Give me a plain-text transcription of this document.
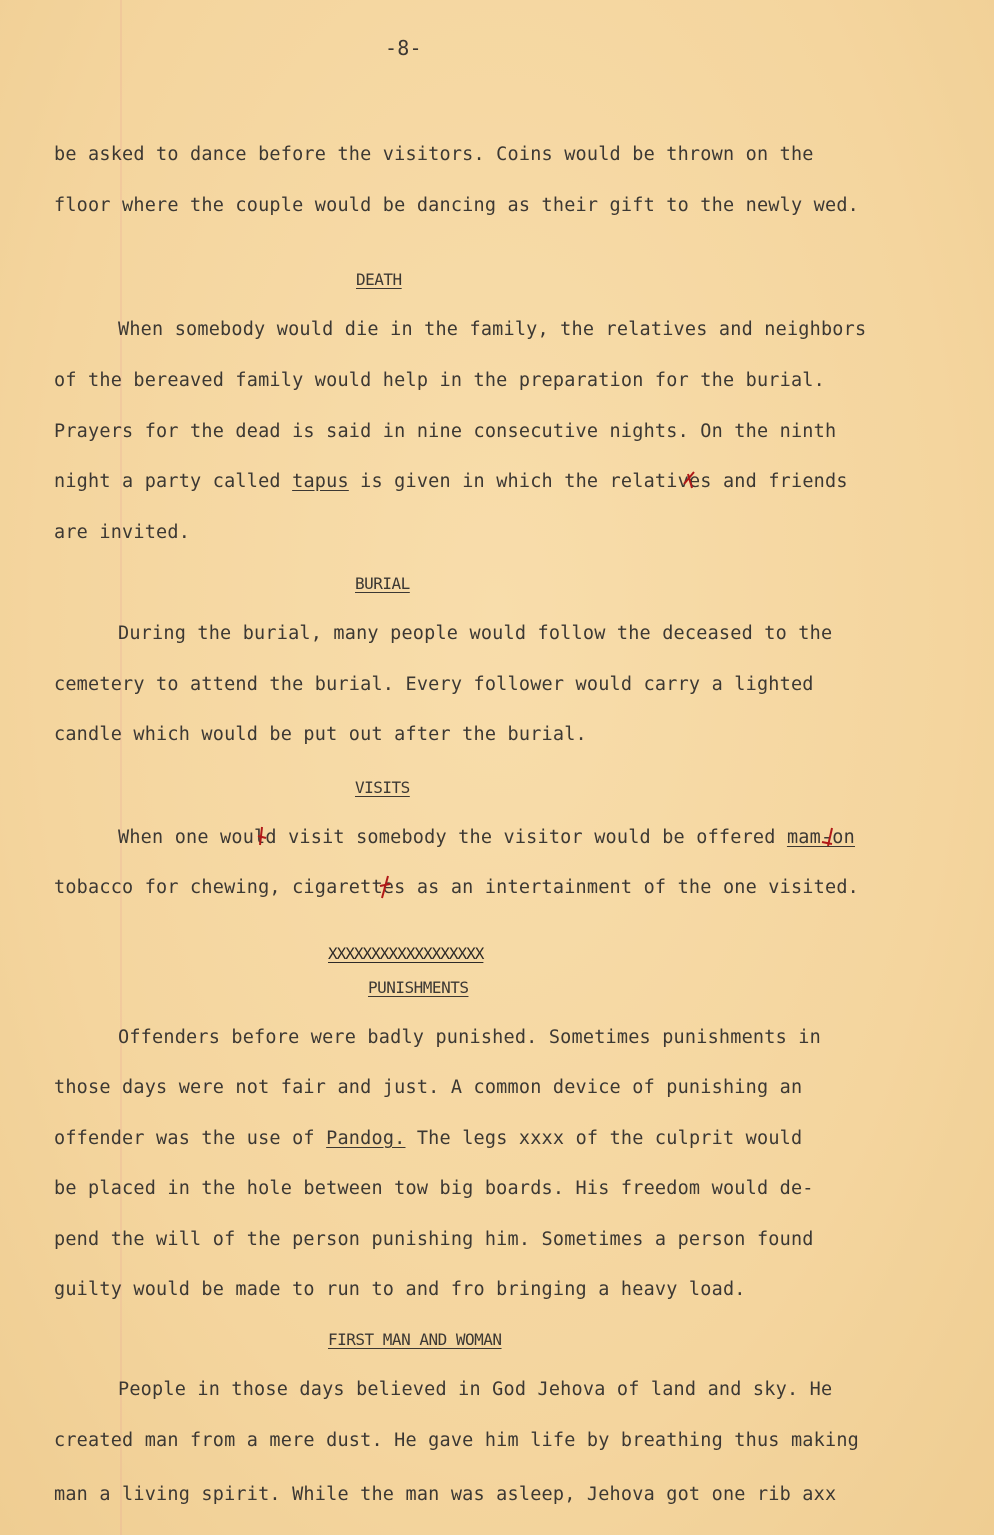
-8-

be asked to dance before the visitors. Coins would be thrown on the

floor where the couple would be dancing as their gift to the newly wed.

DEATH

When somebody would die in the family, the relatives and neighbors

of the bereaved family would help in the preparation for the burial.

Prayers for the dead is said in nine consecutive nights. On the ninth

night a party called tapus is given in which the relatives and friends

are invited.

BURIAL

During the burial, many people would follow the deceased to the

cemetery to attend the burial. Every follower would carry a lighted

candle which would be put out after the burial.

VISITS

When one would visit somebody the visitor would be offered mam-on

tobacco for chewing, cigarettes as an intertainment of the one visited.

XXXXXXXXXXXXXXXXXX

PUNISHMENTS

Offenders before were badly punished. Sometimes punishments in

those days were not fair and just. A common device of punishing an

offender was the use of Pandog. The legs xxxx of the culprit would

be placed in the hole between tow big boards. His freedom would de-

pend the will of the person punishing him. Sometimes a person found

guilty would be made to run to and fro bringing a heavy load.

FIRST MAN AND WOMAN

People in those days believed in God Jehova of land and sky. He

created man from a mere dust. He gave him life by breathing thus making

man a living spirit. While the man was asleep, Jehova got one rib axx
